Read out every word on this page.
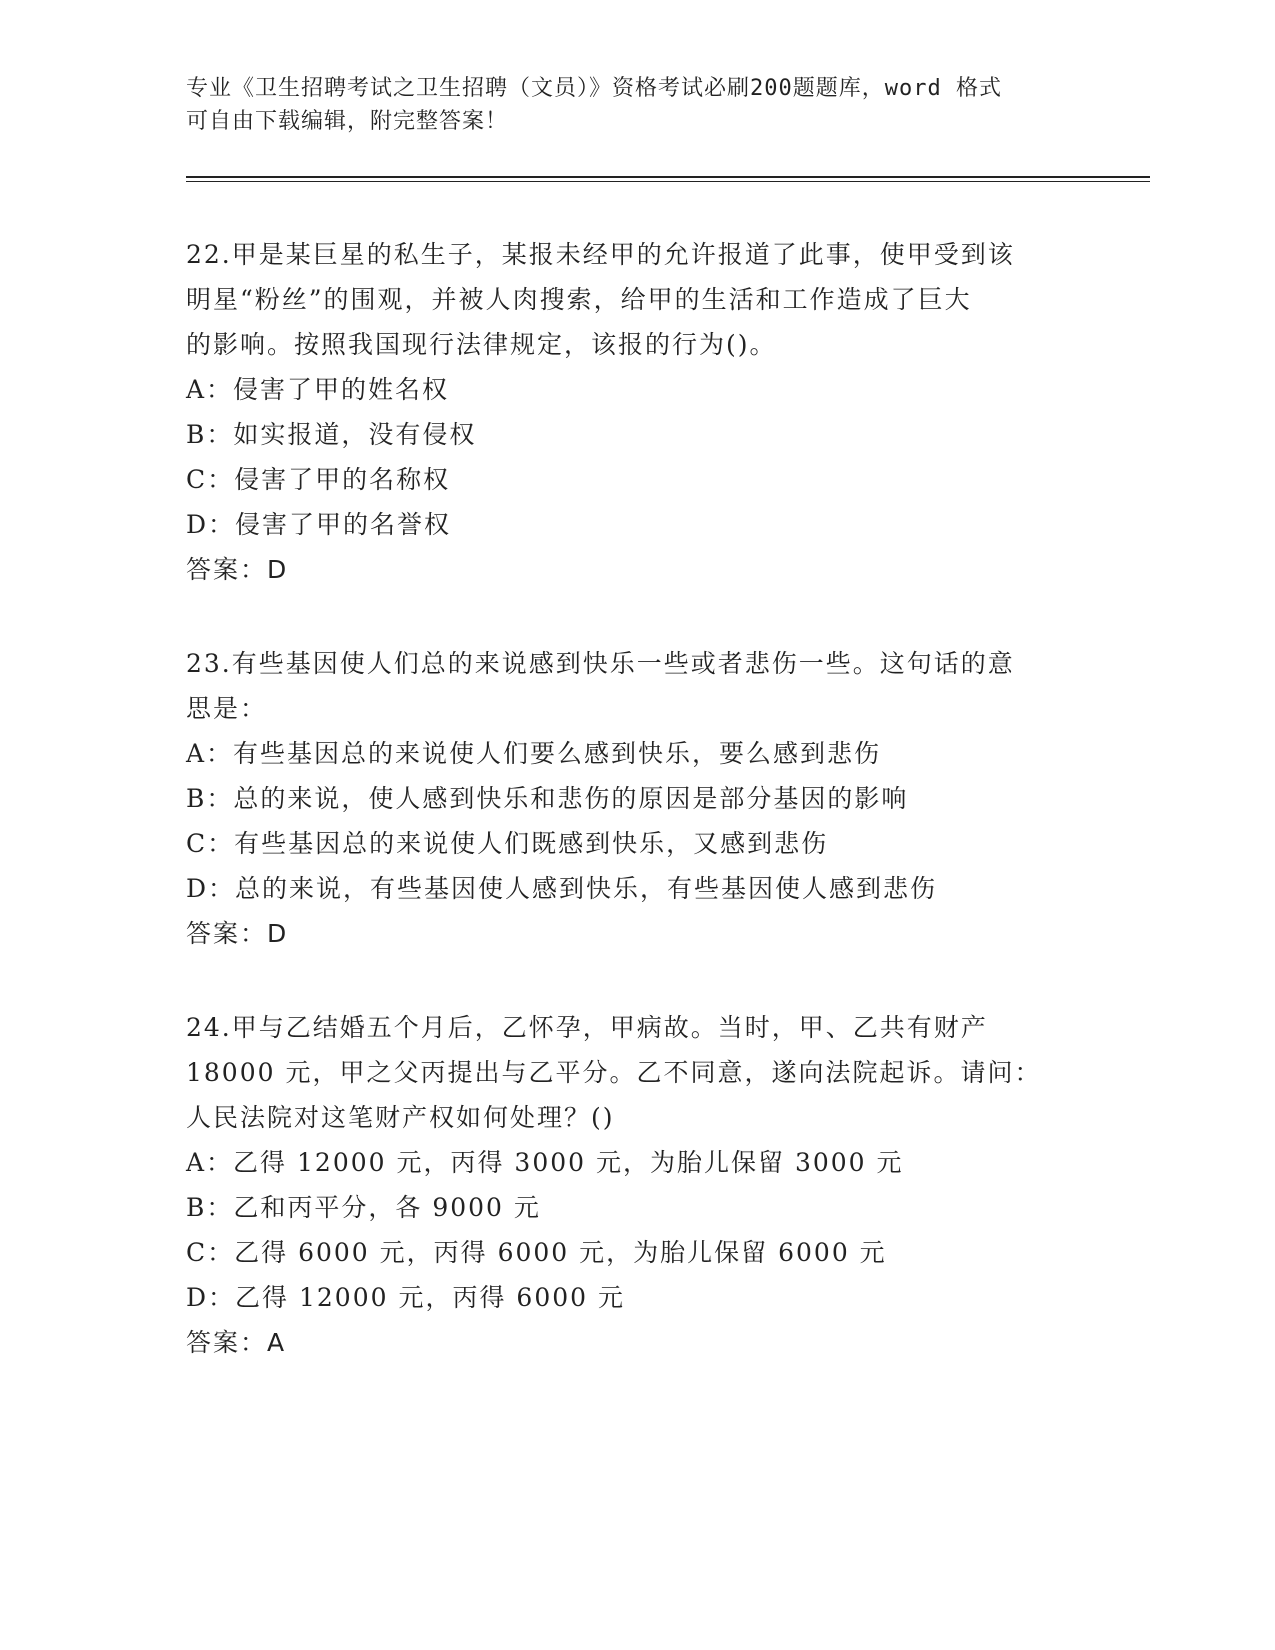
专业《卫生招聘考试之卫生招聘（文员）》资格考试必刷200题题库，word 格式
可自由下载编辑，附完整答案！
22.甲是某巨星的私生子，某报未经甲的允许报道了此事，使甲受到该
明星“粉丝”的围观，并被人肉搜索，给甲的生活和工作造成了巨大
的影响。按照我国现行法律规定，该报的行为()。
A：侵害了甲的姓名权
B：如实报道，没有侵权
C：侵害了甲的名称权
D：侵害了甲的名誉权
答案：D
23.有些基因使人们总的来说感到快乐一些或者悲伤一些。这句话的意
思是：
A：有些基因总的来说使人们要么感到快乐，要么感到悲伤
B：总的来说，使人感到快乐和悲伤的原因是部分基因的影响
C：有些基因总的来说使人们既感到快乐，又感到悲伤
D：总的来说，有些基因使人感到快乐，有些基因使人感到悲伤
答案：D
24.甲与乙结婚五个月后，乙怀孕，甲病故。当时，甲、乙共有财产
18000 元，甲之父丙提出与乙平分。乙不同意，遂向法院起诉。请问：
人民法院对这笔财产权如何处理？()
A：乙得 12000 元，丙得 3000 元，为胎儿保留 3000 元
B：乙和丙平分，各 9000 元
C：乙得 6000 元，丙得 6000 元，为胎儿保留 6000 元
D：乙得 12000 元，丙得 6000 元
答案：A
